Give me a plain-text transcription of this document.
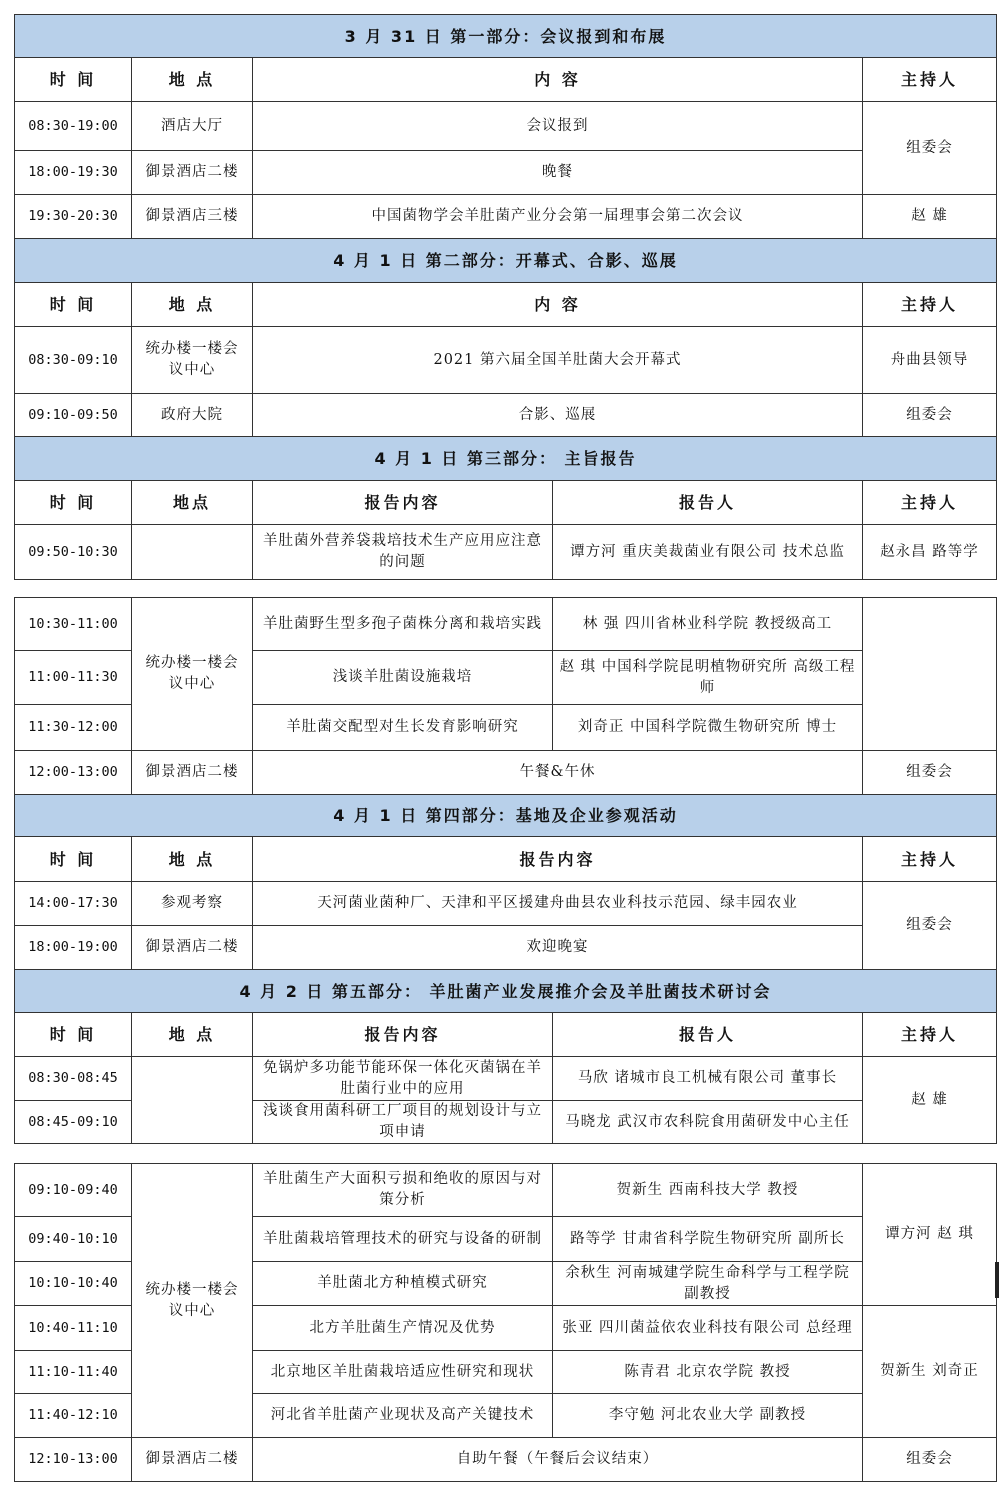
3 月 31 日 第一部分：会议报到和布展				
时 间	地 点	内 容		主持人
08:30-19:00	酒店大厅	会议报到		组委会
18:00-19:30	御景酒店二楼	晚餐		
19:30-20:30	御景酒店三楼	中国菌物学会羊肚菌产业分会第一届理事会第二次会议		赵 雄
4 月 1 日 第二部分：开幕式、合影、巡展				
时 间	地 点	内 容		主持人
08:30-09:10	统办楼一楼会议中心	2021 第六届全国羊肚菌大会开幕式		舟曲县领导
09:10-09:50	政府大院	合影、巡展		组委会
4 月 1 日 第三部分： 主旨报告				
时 间	地点	报告内容	报告人	主持人
09:50-10:30		羊肚菌外营养袋栽培技术生产应用应注意的问题	谭方河 重庆美裁菌业有限公司 技术总监	赵永昌 路等学
10:30-11:00	统办楼一楼会议中心	羊肚菌野生型多孢子菌株分离和栽培实践	林 强 四川省林业科学院 教授级高工	
11:00-11:30		浅谈羊肚菌设施栽培	赵 琪 中国科学院昆明植物研究所 高级工程师	
11:30-12:00		羊肚菌交配型对生长发育影响研究	刘奇正 中国科学院微生物研究所 博士	
12:00-13:00	御景酒店二楼	午餐&午休		组委会
4 月 1 日 第四部分：基地及企业参观活动				
时 间	地 点	报告内容		主持人
14:00-17:30	参观考察	天河菌业菌种厂、天津和平区援建舟曲县农业科技示范园、绿丰园农业		组委会
18:00-19:00	御景酒店二楼	欢迎晚宴		
4 月 2 日 第五部分： 羊肚菌产业发展推介会及羊肚菌技术研讨会				
时 间	地 点	报告内容	报告人	主持人
08:30-08:45		免锅炉多功能节能环保一体化灭菌锅在羊肚菌行业中的应用	马欣 诸城市良工机械有限公司 董事长	赵 雄
08:45-09:10		浅谈食用菌科研工厂项目的规划设计与立项申请	马晓龙 武汉市农科院食用菌研发中心主任	
09:10-09:40	统办楼一楼会议中心	羊肚菌生产大面积亏损和绝收的原因与对策分析	贺新生 西南科技大学 教授	谭方河 赵 琪
09:40-10:10		羊肚菌栽培管理技术的研究与设备的研制	路等学 甘肃省科学院生物研究所 副所长	
10:10-10:40		羊肚菌北方种植模式研究	余秋生 河南城建学院生命科学与工程学院 副教授	
10:40-11:10		北方羊肚菌生产情况及优势	张亚 四川菌益依农业科技有限公司 总经理	贺新生 刘奇正
11:10-11:40		北京地区羊肚菌栽培适应性研究和现状	陈青君 北京农学院 教授	
11:40-12:10		河北省羊肚菌产业现状及高产关键技术	李守勉 河北农业大学 副教授	
12:10-13:00	御景酒店二楼	自助午餐（午餐后会议结束）		组委会
